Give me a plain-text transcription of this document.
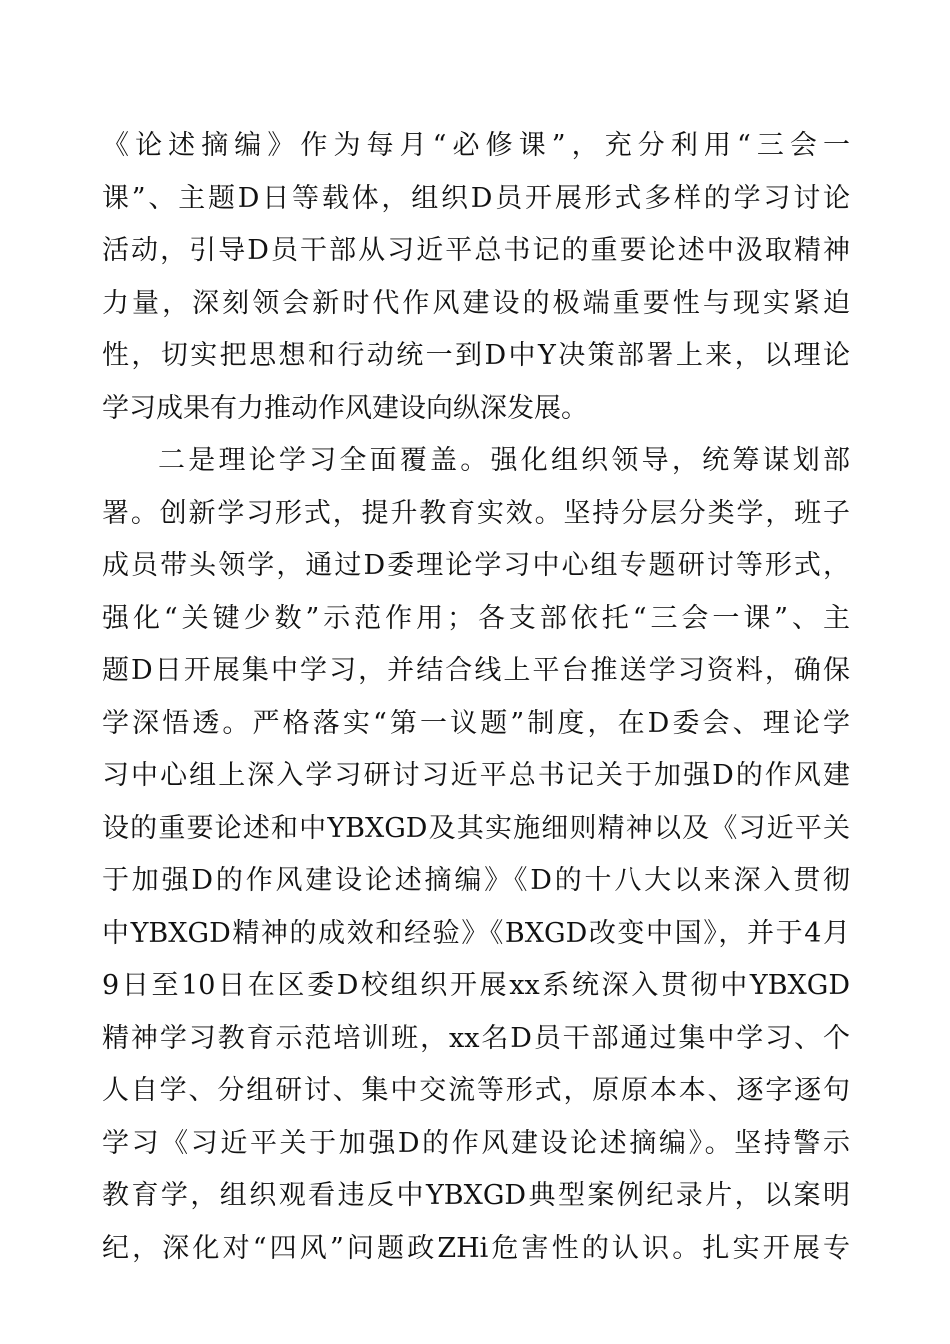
《论述摘编》作为每月“必修课”，充分利用“三会一
课”、主题D日等载体，组织D员开展形式多样的学习讨论
活动，引导D员干部从习近平总书记的重要论述中汲取精神
力量，深刻领会新时代作风建设的极端重要性与现实紧迫
性，切实把思想和行动统一到D中Y决策部署上来，以理论
学习成果有力推动作风建设向纵深发展。
二是理论学习全面覆盖。强化组织领导，统筹谋划部
署。创新学习形式，提升教育实效。坚持分层分类学，班子
成员带头领学，通过D委理论学习中心组专题研讨等形式，
强化“关键少数”示范作用；各支部依托“三会一课”、主
题D日开展集中学习，并结合线上平台推送学习资料，确保
学深悟透。严格落实“第一议题”制度，在D委会、理论学
习中心组上深入学习研讨习近平总书记关于加强D的作风建
设的重要论述和中YBXGD及其实施细则精神以及《习近平关
于加强D的作风建设论述摘编》《D的十八大以来深入贯彻
中YBXGD精神的成效和经验》《BXGD改变中国》，并于4月
9日至10日在区委D校组织开展xx系统深入贯彻中YBXGD
精神学习教育示范培训班，xx名D员干部通过集中学习、个
人自学、分组研讨、集中交流等形式，原原本本、逐字逐句
学习《习近平关于加强D的作风建设论述摘编》。坚持警示
教育学，组织观看违反中YBXGD典型案例纪录片，以案明
纪，深化对“四风”问题政ZHi危害性的认识。扎实开展专
